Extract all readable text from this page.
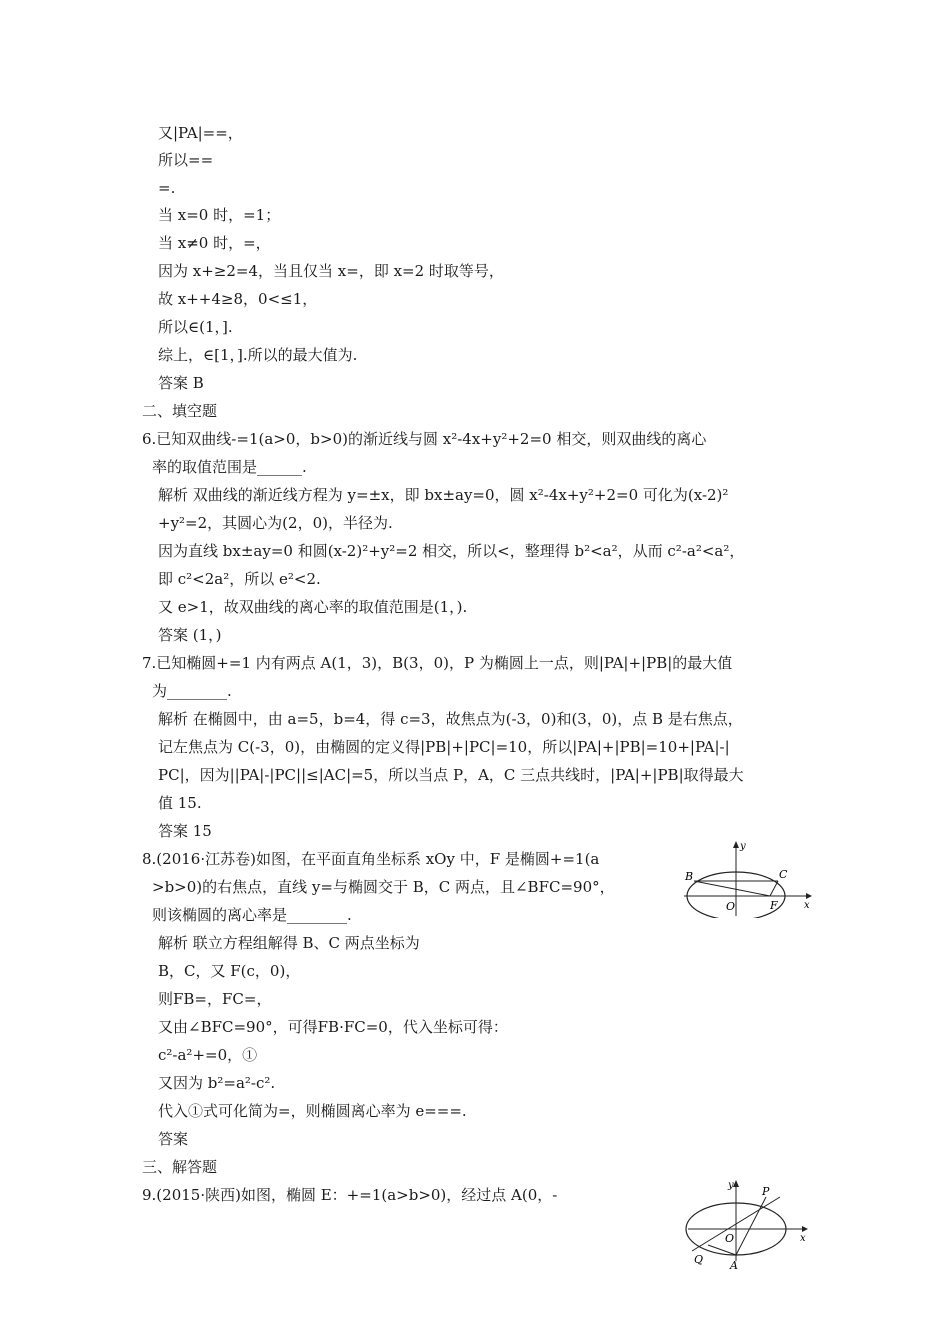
又|PA|==，
所以==
=.
当 x=0 时，=1；
当 x≠0 时，=，
因为 x+≥2=4，当且仅当 x=，即 x=2 时取等号，
故 x++4≥8，0<≤1，
所以∈(1，].
综上，∈[1，].所以的最大值为.
答案 B
二、填空题
6.已知双曲线-=1(a>0，b>0)的渐近线与圆 x²-4x+y²+2=0 相交，则双曲线的离心
率的取值范围是______.
解析 双曲线的渐近线方程为 y=±x，即 bx±ay=0，圆 x²-4x+y²+2=0 可化为(x-2)²
+y²=2，其圆心为(2，0)，半径为.
因为直线 bx±ay=0 和圆(x-2)²+y²=2 相交，所以<，整理得 b²<a²，从而 c²-a²<a²，
即 c²<2a²，所以 e²<2.
又 e>1，故双曲线的离心率的取值范围是(1，).
答案 (1，)
7.已知椭圆+=1 内有两点 A(1，3)，B(3，0)，P 为椭圆上一点，则|PA|+|PB|的最大值
为________.
解析 在椭圆中，由 a=5，b=4，得 c=3，故焦点为(-3，0)和(3，0)，点 B 是右焦点，
记左焦点为 C(-3，0)，由椭圆的定义得|PB|+|PC|=10，所以|PA|+|PB|=10+|PA|-|
PC|，因为||PA|-|PC||≤|AC|=5，所以当点 P，A，C 三点共线时，|PA|+|PB|取得最大
值 15.
答案 15
8.(2016·江苏卷)如图，在平面直角坐标系 xOy 中，F 是椭圆+=1(a
>b>0)的右焦点，直线 y=与椭圆交于 B，C 两点，且∠BFC=90°，
则该椭圆的离心率是________.
解析 联立方程组解得 B、C 两点坐标为
B，C，又 F(c，0)，
则FB=，FC=，
又由∠BFC=90°，可得FB·FC=0，代入坐标可得：
c²-a²+=0，①
又因为 b²=a²-c².
代入①式可化简为=，则椭圆离心率为 e===.
答案
三、解答题
9.(2015·陕西)如图，椭圆 E：+=1(a>b>0)，经过点 A(0，-
y
x
B	C
O	F
y
x
P
O
Q A
